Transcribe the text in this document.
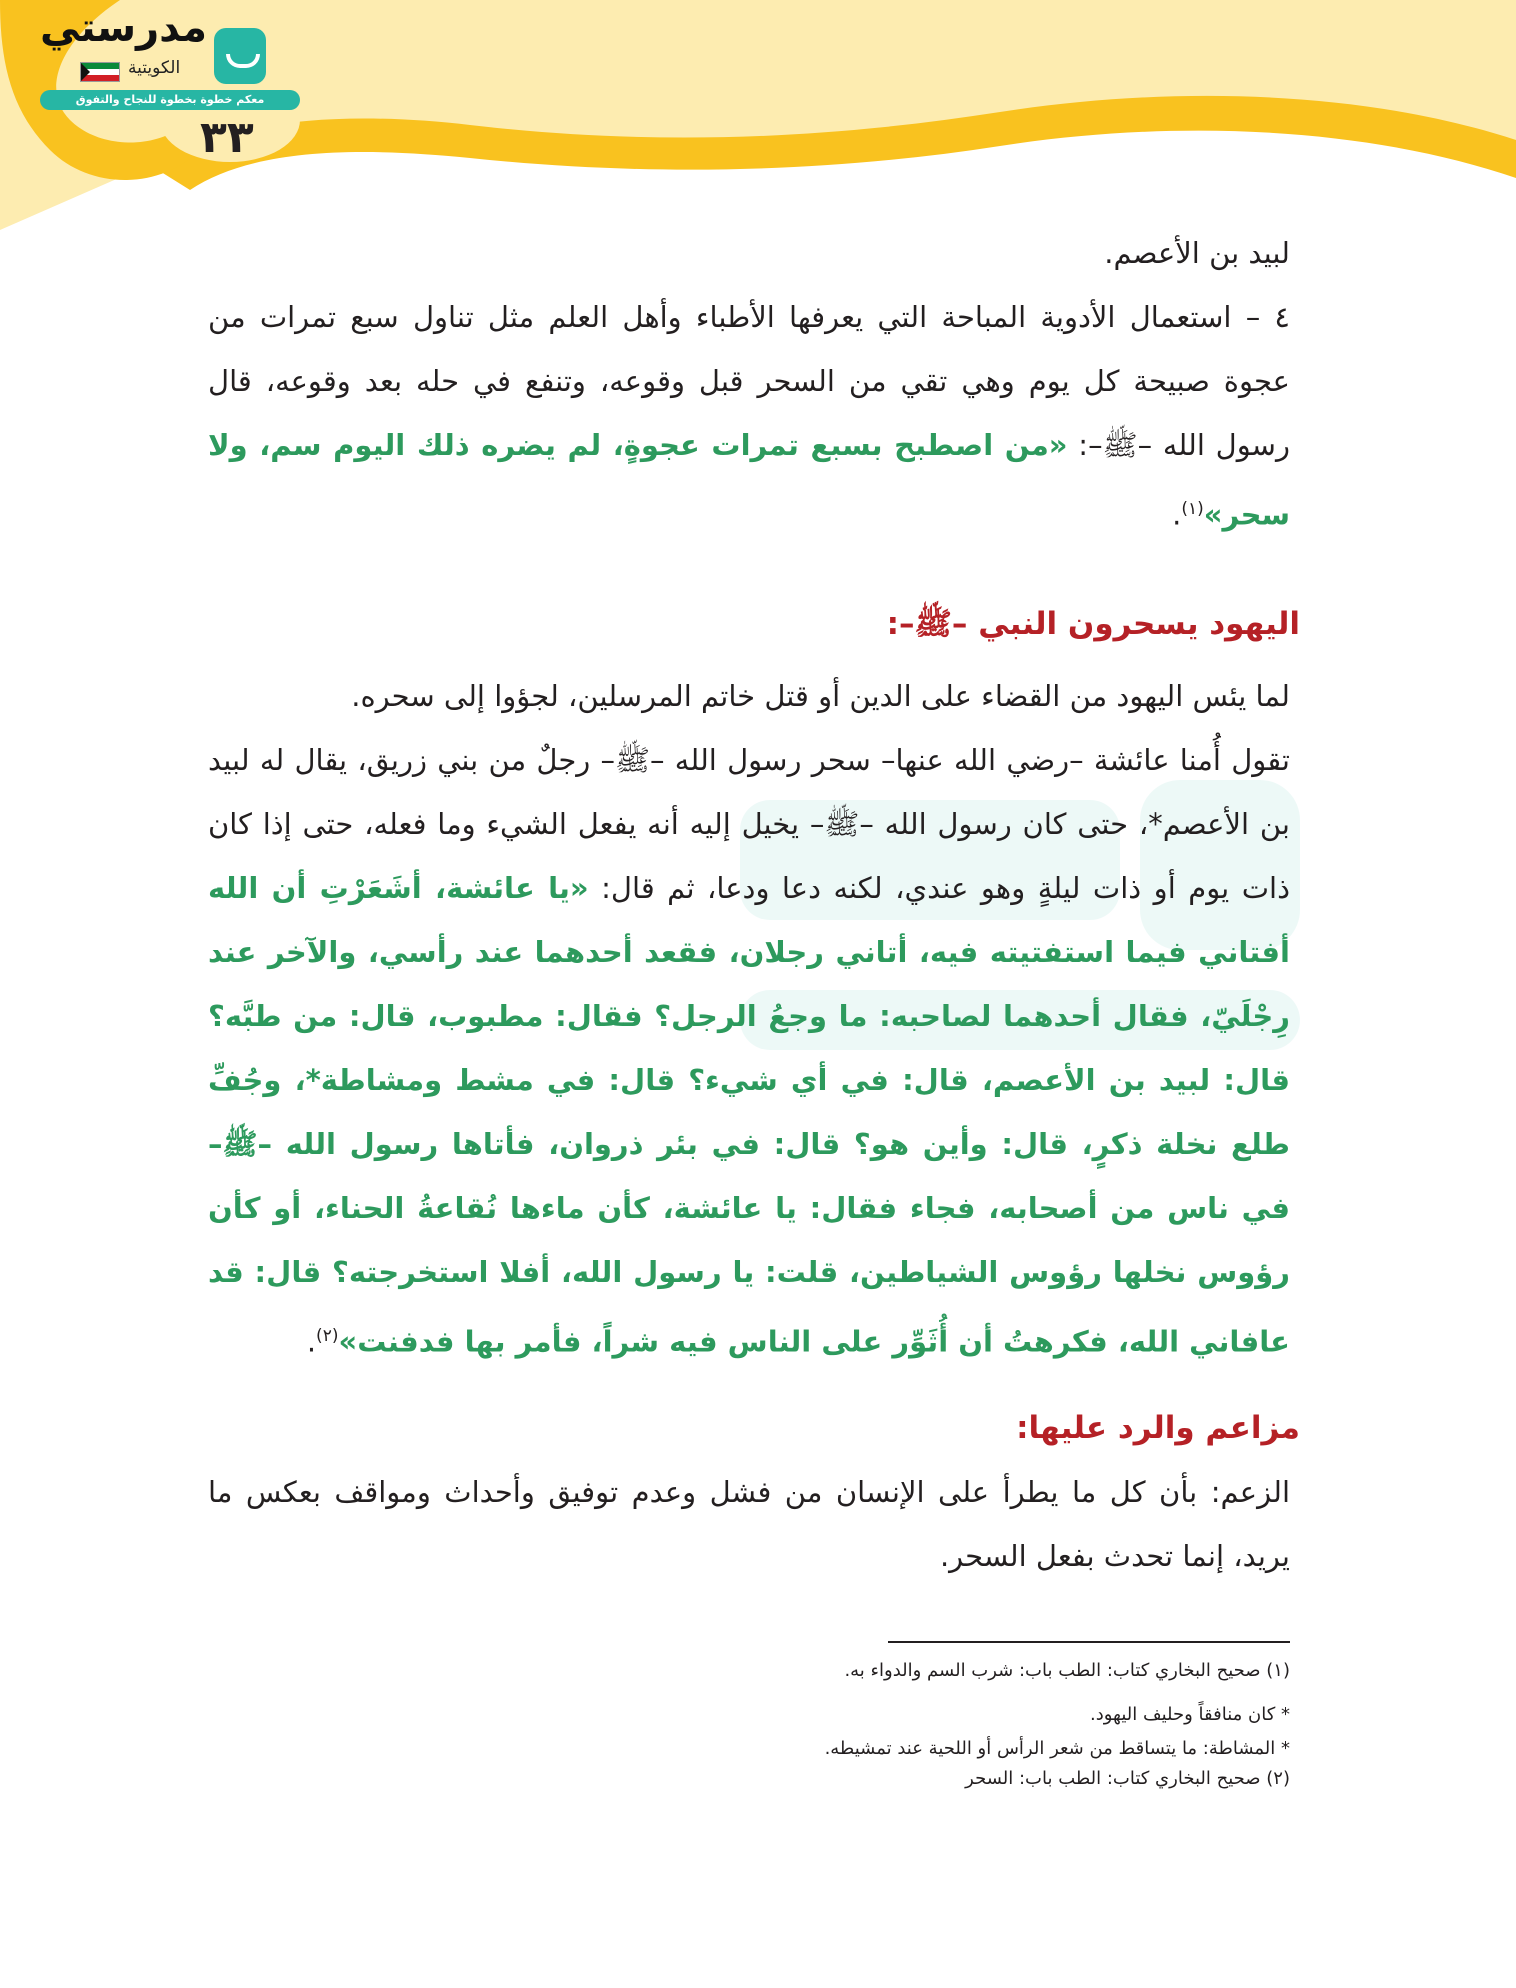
مدرستي
الكويتية
معكم خطوة بخطوة للنجاح والتفوق
٣٣
لبيد بن الأعصم.
٤ – استعمال الأدوية المباحة التي يعرفها الأطباء وأهل العلم مثل تناول سبع تمرات من عجوة صبيحة كل يوم وهي تقي من السحر قبل وقوعه، وتنفع في حله بعد وقوعه، قال رسول الله –ﷺ–: «من اصطبح بسبع تمرات عجوةٍ، لم يضره ذلك اليوم سم، ولا سحر»$^{(١)}$.
اليهود يسحرون النبي –ﷺ–:
لما يئس اليهود من القضاء على الدين أو قتل خاتم المرسلين، لجؤوا إلى سحره.
تقول أُمنا عائشة –رضي الله عنها– سحر رسول الله –ﷺ– رجلٌ من بني زريق، يقال له لبيد بن الأعصم*، حتى كان رسول الله –ﷺ– يخيل إليه أنه يفعل الشيء وما فعله، حتى إذا كان ذات يوم أو ذات ليلةٍ وهو عندي، لكنه دعا ودعا، ثم قال: «يا عائشة، أشَعَرْتِ أن الله أفتاني فيما استفتيته فيه، أتاني رجلان، فقعد أحدهما عند رأسي، والآخر عند رِجْلَيّ، فقال أحدهما لصاحبه: ما وجعُ الرجل؟ فقال: مطبوب، قال: من طبَّه؟ قال: لبيد بن الأعصم، قال: في أي شيء؟ قال: في مشط ومشاطة*، وجُفِّ طلع نخلة ذكرٍ، قال: وأين هو؟ قال: في بئر ذروان، فأتاها رسول الله –ﷺ– في ناس من أصحابه، فجاء فقال: يا عائشة، كأن ماءها نُقاعةُ الحناء، أو كأن رؤوس نخلها رؤوس الشياطين، قلت: يا رسول الله، أفلا استخرجته؟ قال: قد عافاني الله، فكرهتُ أن أُثَوِّر على الناس فيه شراً، فأمر بها فدفنت»$^{(٢)}$.
مزاعم والرد عليها:
الزعم: بأن كل ما يطرأ على الإنسان من فشل وعدم توفيق وأحداث ومواقف بعكس ما يريد، إنما تحدث بفعل السحر.
(١) صحيح البخاري كتاب: الطب باب: شرب السم والدواء به.
* كان منافقاً وحليف اليهود.
* المشاطة: ما يتساقط من شعر الرأس أو اللحية عند تمشيطه.
(٢) صحيح البخاري كتاب: الطب باب: السحر
